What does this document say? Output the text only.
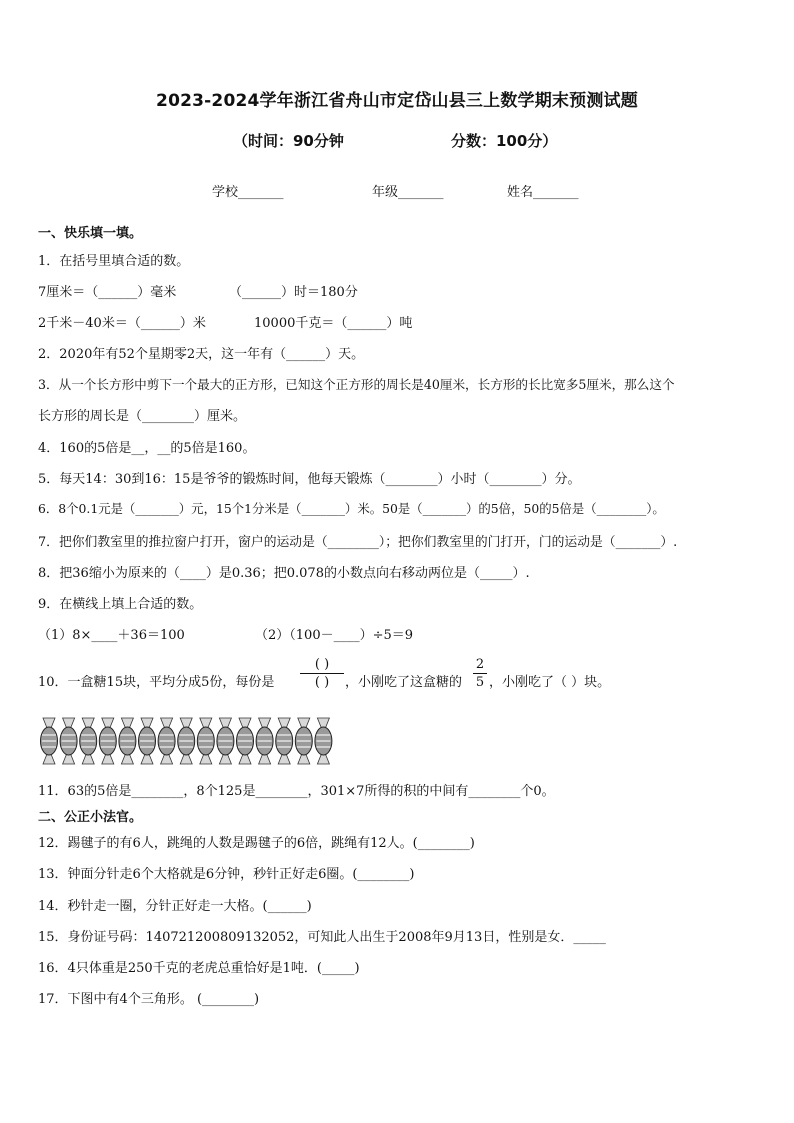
2023-2024学年浙江省舟山市定岱山县三上数学期末预测试题
（时间：90分钟	分数：100分）
学校_______	年级_______	姓名_______
一、快乐填一填。
1．在括号里填合适的数。
7厘米＝（______）毫米	（______）时＝180分
2千米－40米＝（______）米	10000千克＝（______）吨
2．2020年有52个星期零2天，这一年有（______）天。
3．从一个长方形中剪下一个最大的正方形，已知这个正方形的周长是40厘米，长方形的长比宽多5厘米，那么这个
长方形的周长是（________）厘米。
4．160的5倍是__，__的5倍是160。
5．每天14：30到16：15是爷爷的锻炼时间，他每天锻炼（________）小时（________）分。
6．8个0.1元是（_______）元，15个1分米是（_______）米。50是（_______）的5倍，50的5倍是（________）。
7．把你们教室里的推拉窗户打开，窗户的运动是（________）；把你们教室里的门打开，门的运动是（_______）.
8．把36缩小为原来的（____）是0.36；把0.078的小数点向右移动两位是（_____）.
9．在横线上填上合适的数。
（1）8×____＋36＝100	（2）（100－____）÷5＝9
10．一盒糖15块，平均分成5份，每份是
( )
( )	，小刚吃了这盒糖的
2
5 ，小刚吃了（ ）块。
11．63的5倍是________，8个125是________，301×7所得的积的中间有________个0。
二、公正小法官。
12．踢毽子的有6人，跳绳的人数是踢毽子的6倍，跳绳有12人。(________)
13．钟面分针走6个大格就是6分钟，秒针正好走6圈。(________)
14．秒针走一圈，分针正好走一大格。(______)
15．身份证号码：140721200809132052，可知此人出生于2008年9月13日，性别是女．_____
16．4只体重是250千克的老虎总重恰好是1吨．(_____)
17．下图中有4个三角形。 (________)
